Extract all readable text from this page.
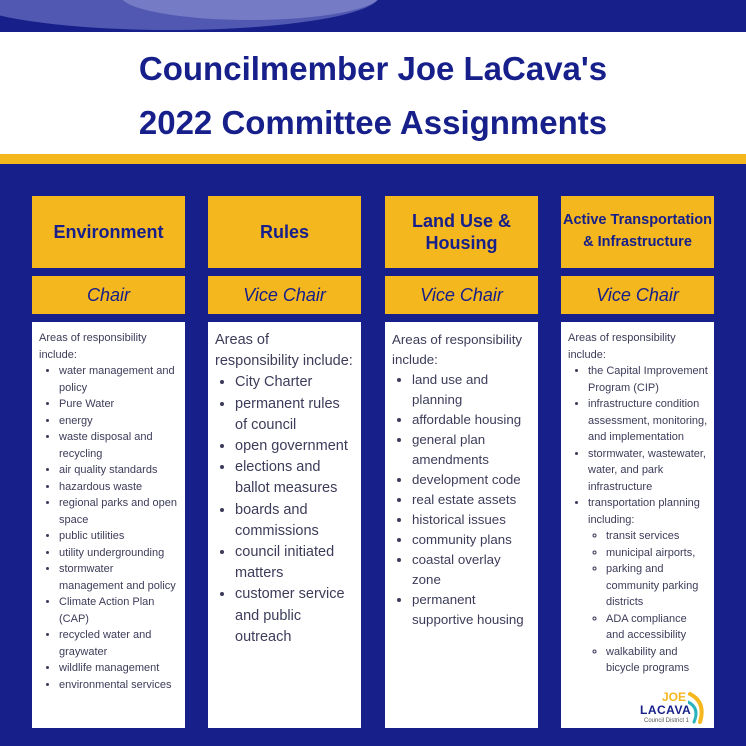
Councilmember Joe LaCava's
2022 Committee Assignments
Environment
Chair

Areas of responsibility include:

• water management and policy
• Pure Water
• energy
• waste disposal and recycling
• air quality standards
• hazardous waste
• regional parks and open space
• public utilities
• utility undergrounding
• stormwater management and policy
• Climate Action Plan (CAP)
• recycled water and graywater
• wildlife management
• environmental services
Rules
Vice Chair

Areas of responsibility include:

• City Charter
• permanent rules of council
• open government
• elections and ballot measures
• boards and commissions
• council initiated matters
• customer service and public outreach
Land Use & Housing
Vice Chair

Areas of responsibility include:

• land use and planning
• affordable housing
• general plan amendments
• development code
• real estate assets
• historical issues
• community plans
• coastal overlay zone
• permanent supportive housing
Active Transportation & Infrastructure
Vice Chair

Areas of responsibility include:

• the Capital Improvement Program (CIP)
• infrastructure condition assessment, monitoring, and implementation
• stormwater, wastewater, water, and park infrastructure
• transportation planning including:
◦ transit services
◦ municipal airports,
◦ parking and community parking districts
◦ ADA compliance and accessibility
◦ walkability and bicycle programs
JOE
LACAVA
Council District 1
